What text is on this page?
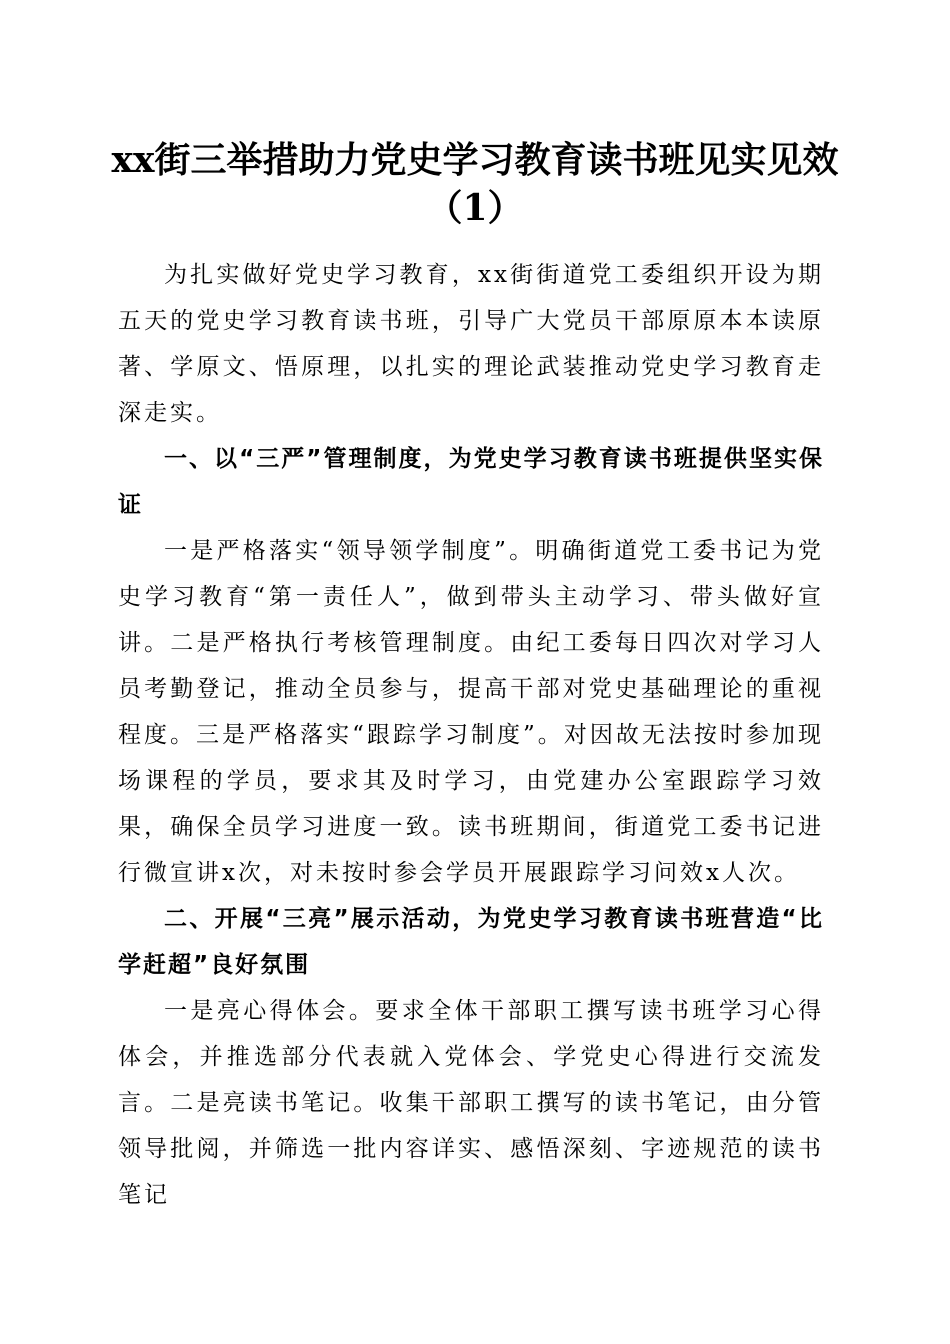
xx街三举措助力党史学习教育读书班见实见效（1）

为扎实做好党史学习教育，xx街街道党工委组织开设为期五天的党史学习教育读书班，引导广大党员干部原原本本读原著、学原文、悟原理，以扎实的理论武装推动党史学习教育走深走实。

一、以“三严”管理制度，为党史学习教育读书班提供坚实保证

一是严格落实“领导领学制度”。明确街道党工委书记为党史学习教育“第一责任人”，做到带头主动学习、带头做好宣讲。二是严格执行考核管理制度。由纪工委每日四次对学习人员考勤登记，推动全员参与，提高干部对党史基础理论的重视程度。三是严格落实“跟踪学习制度”。对因故无法按时参加现场课程的学员，要求其及时学习，由党建办公室跟踪学习效果，确保全员学习进度一致。读书班期间，街道党工委书记进行微宣讲x次，对未按时参会学员开展跟踪学习问效x人次。

二、开展“三亮”展示活动，为党史学习教育读书班营造“比学赶超”良好氛围

一是亮心得体会。要求全体干部职工撰写读书班学习心得体会，并推选部分代表就入党体会、学党史心得进行交流发言。二是亮读书笔记。收集干部职工撰写的读书笔记，由分管领导批阅，并筛选一批内容详实、感悟深刻、字迹规范的读书笔记
